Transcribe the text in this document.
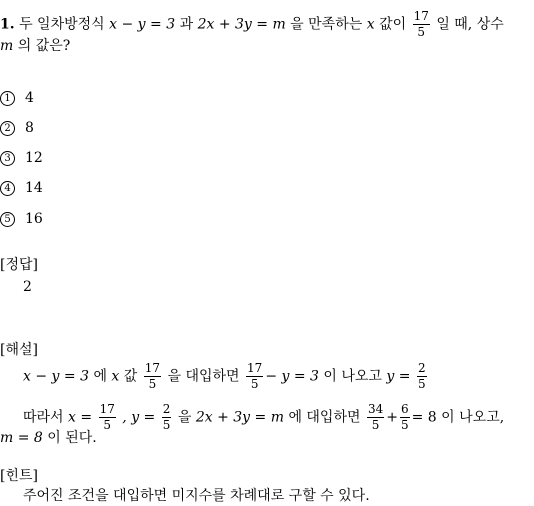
1. 두 일차방정식 x − y = 3 과 2x + 3y = m 을 만족하는 x 값이 $\frac{17}{5}$ 일 때, 상수
m 의 값은?
1 4
2 8
3 12
4 14
5 16
[정답]
2
[해설]
x − y = 3 에 x 값 $\frac{17}{5}$ 을 대입하면 $\frac{17}{5} - y = 3$ 이 나오고 $y = \frac{2}{5}$
따라서 $x = \frac{17}{5}$ , $y = \frac{2}{5}$ 을 2x + 3y = m 에 대입하면 $\frac{34}{5} + \frac{6}{5} = 8$ 이 나오고,
m = 8 이 된다.
[힌트]
주어진 조건을 대입하면 미지수를 차례대로 구할 수 있다.
